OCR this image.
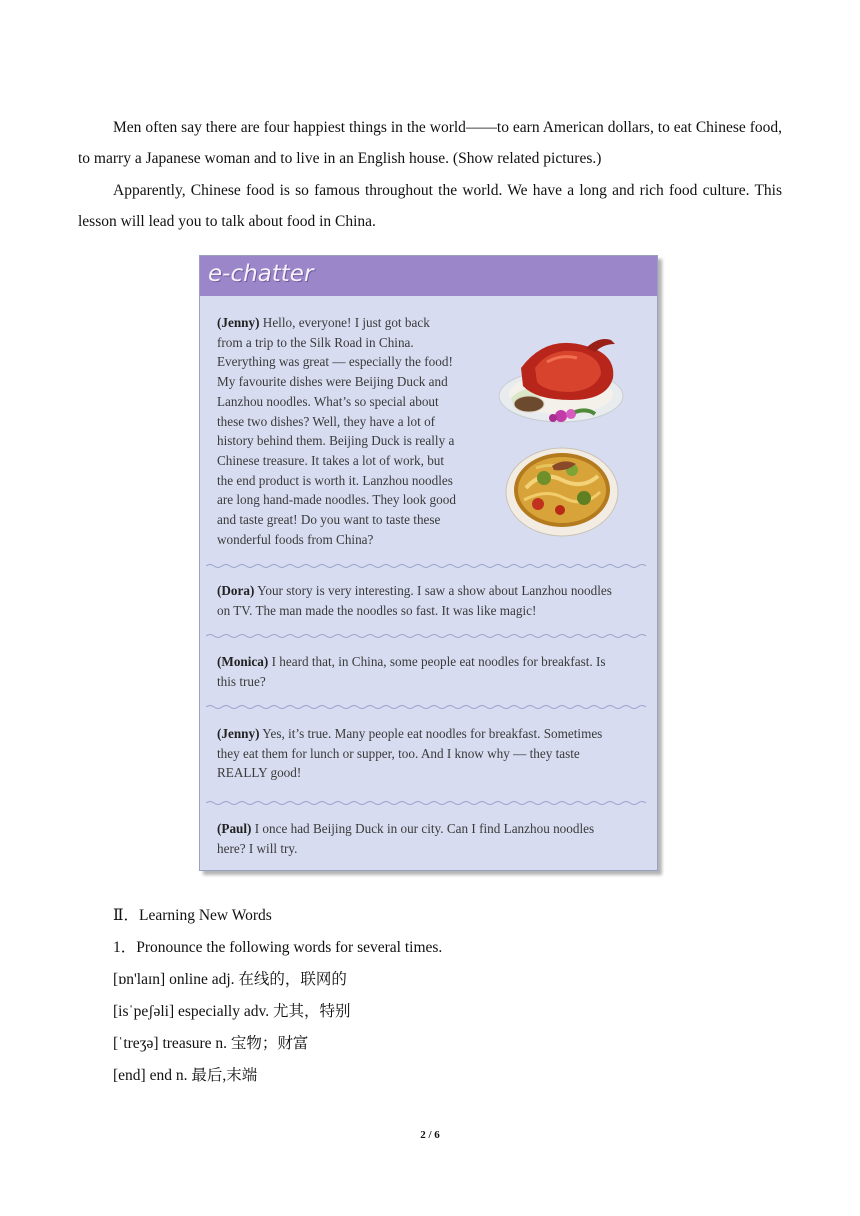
Men often say there are four happiest things in the world——to earn American dollars, to eat Chinese food, to marry a Japanese woman and to live in an English house. (Show related pictures.)
Apparently, Chinese food is so famous throughout the world. We have a long and rich food culture. This lesson will lead you to talk about food in China.
e-chatter
(Jenny) Hello, everyone! I just got back
from a trip to the Silk Road in China.
Everything was great — especially the food!
My favourite dishes were Beijing Duck and
Lanzhou noodles. What’s so special about
these two dishes? Well, they have a lot of
history behind them. Beijing Duck is really a
Chinese treasure. It takes a lot of work, but
the end product is worth it. Lanzhou noodles
are long hand-made noodles. They look good
and taste great! Do you want to taste these
wonderful foods from China?
(Dora) Your story is very interesting. I saw a show about Lanzhou noodles
on TV. The man made the noodles so fast. It was like magic!
(Monica) I heard that, in China, some people eat noodles for breakfast. Is
this true?
(Jenny) Yes, it’s true. Many people eat noodles for breakfast. Sometimes
they eat them for lunch or supper, too. And I know why — they taste
REALLY good!
(Paul) I once had Beijing Duck in our city. Can I find Lanzhou noodles
here? I will try.
Ⅱ．Learning New Words
1．Pronounce the following words for several times.
[ɒn'laɪn] online adj. 在线的，联网的
[isˈpeʃəli] especially adv. 尤其，特别
[ˈtreʒə] treasure n. 宝物；财富
[end] end n. 最后,末端
2 / 6
